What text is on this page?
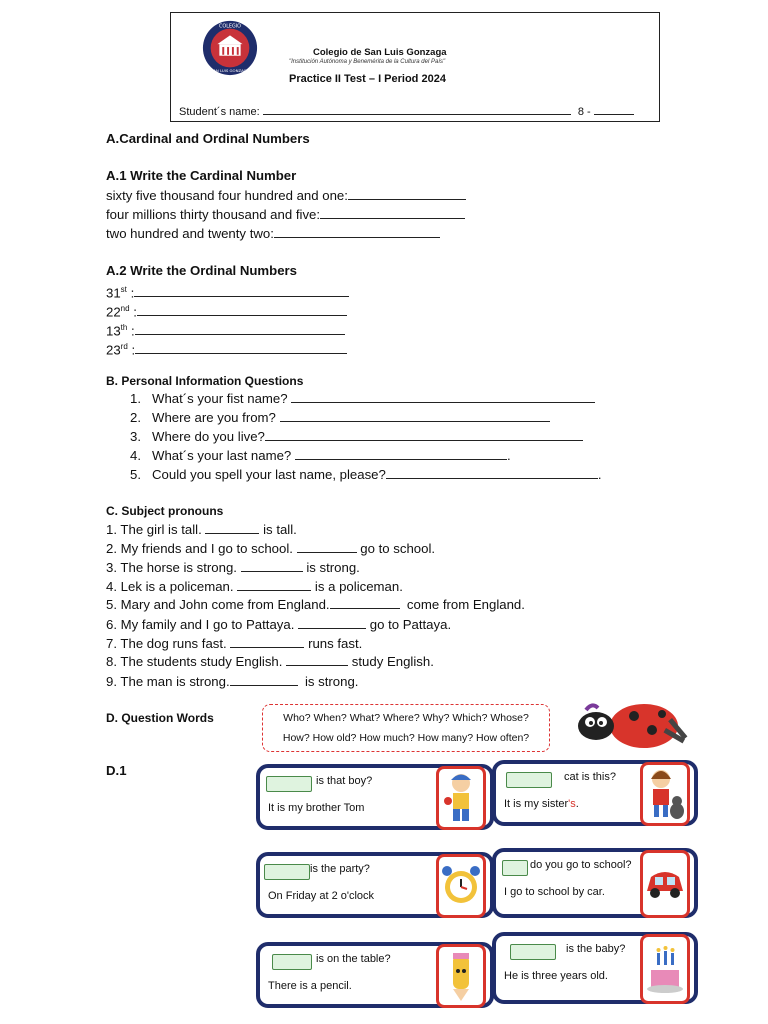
COLEGIO
SAN LUIS GONZAGA
Colegio de San Luis Gonzaga
"Institución Autónoma y Benemérita de la Cultura del País"
Practice II Test – I Period 2024
Student´s name:	8 -
A.Cardinal and Ordinal Numbers
A.1 Write the Cardinal Number
sixty five thousand four hundred and one:
four millions thirty thousand and five:
two hundred and twenty two:
A.2 Write the Ordinal Numbers
31st :
22nd :
13th :
23rd :
B. Personal Information Questions
1.   What´s your fist name?
2.   Where are you from?
3.   Where do you live?
4.   What´s your last name?	.
5.   Could you spell your last name, please?	.
C. Subject pronouns
1. The girl is tall.	is tall.
2. My friends and I go to school.	go to school.
3. The horse is strong.	is strong.
4. Lek is a policeman.	is a policeman.
5. Mary and John come from England.	come from England.
6. My family and I go to Pattaya.	go to Pattaya.
7. The dog runs fast.	runs fast.
8. The students study English.	study English.
9. The man is strong.	is strong.
D. Question Words	Who? When? What? Where? Why? Which? Whose?
How? How old? How much? How many? How often?
D.1
is that boy?
It is my brother Tom
cat is this?
It is my sister's.
is the party?
On Friday at 2 o'clock
do you go to school?
I go to school by car.
is on the table?
There is a pencil.
is the baby?
He is three years old.
